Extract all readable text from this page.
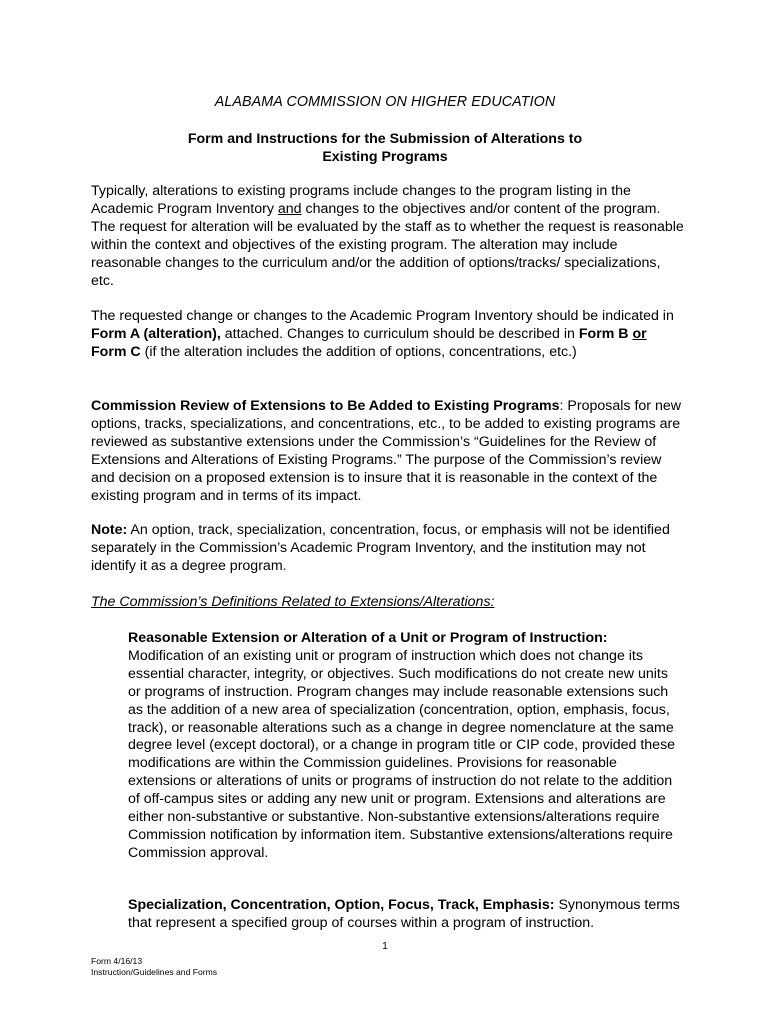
ALABAMA COMMISSION ON HIGHER EDUCATION
Form and Instructions for the Submission of Alterations to
Existing Programs

Typically, alterations to existing programs include changes to the program listing in the Academic Program Inventory and changes to the objectives and/or content of the program. The request for alteration will be evaluated by the staff as to whether the request is reasonable within the context and objectives of the existing program. The alteration may include reasonable changes to the curriculum and/or the addition of options/tracks/ specializations, etc.

The requested change or changes to the Academic Program Inventory should be indicated in Form A (alteration), attached. Changes to curriculum should be described in Form B or Form C (if the alteration includes the addition of options, concentrations, etc.)

Commission Review of Extensions to Be Added to Existing Programs: Proposals for new options, tracks, specializations, and concentrations, etc., to be added to existing programs are reviewed as substantive extensions under the Commission’s “Guidelines for the Review of Extensions and Alterations of Existing Programs.” The purpose of the Commission’s review and decision on a proposed extension is to insure that it is reasonable in the context of the existing program and in terms of its impact.

Note: An option, track, specialization, concentration, focus, or emphasis will not be identified separately in the Commission’s Academic Program Inventory, and the institution may not identify it as a degree program.

The Commission’s Definitions Related to Extensions/Alterations:

Reasonable Extension or Alteration of a Unit or Program of Instruction:
Modification of an existing unit or program of instruction which does not change its essential character, integrity, or objectives. Such modifications do not create new units or programs of instruction. Program changes may include reasonable extensions such as the addition of a new area of specialization (concentration, option, emphasis, focus, track), or reasonable alterations such as a change in degree nomenclature at the same degree level (except doctoral), or a change in program title or CIP code, provided these modifications are within the Commission guidelines. Provisions for reasonable extensions or alterations of units or programs of instruction do not relate to the addition of off-campus sites or adding any new unit or program. Extensions and alterations are either non-substantive or substantive. Non-substantive extensions/alterations require Commission notification by information item. Substantive extensions/alterations require Commission approval.

Specialization, Concentration, Option, Focus, Track, Emphasis: Synonymous terms that represent a specified group of courses within a program of instruction.

1
Form 4/16/13
Instruction/Guidelines and Forms
